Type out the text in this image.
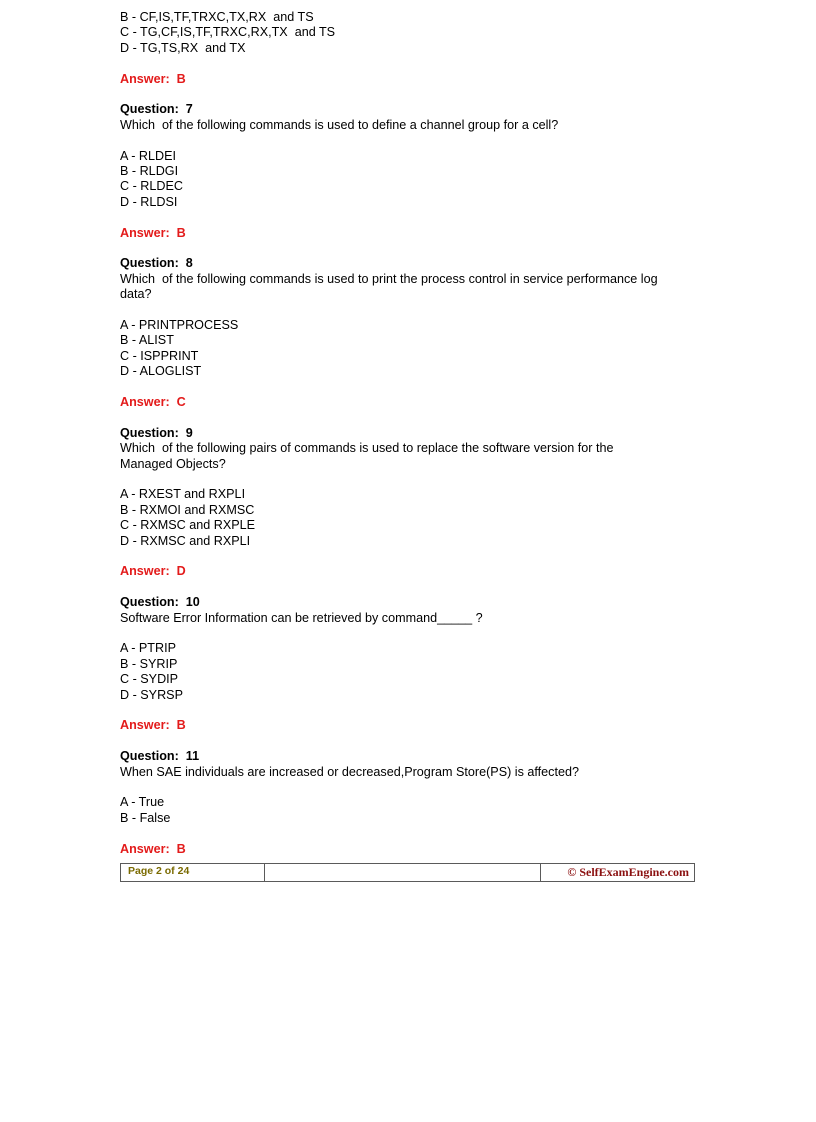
B - CF,IS,TF,TRXC,TX,RX  and TS
C - TG,CF,IS,TF,TRXC,RX,TX  and TS
D - TG,TS,RX  and TX
Answer:  B
Question:  7
Which  of the following commands is used to define a channel group for a cell?
A - RLDEI
B - RLDGI
C - RLDEC
D - RLDSI
Answer:  B
Question:  8
Which  of the following commands is used to print the process control in service performance log
data?
A - PRINTPROCESS
B - ALIST
C - ISPPRINT
D - ALOGLIST
Answer:  C
Question:  9
Which  of the following pairs of commands is used to replace the software version for the
Managed Objects?
A - RXEST and RXPLI
B - RXMOI and RXMSC
C - RXMSC and RXPLE
D - RXMSC and RXPLI
Answer:  D
Question:  10
Software Error Information can be retrieved by command_____ ?
A - PTRIP
B - SYRIP
C - SYDIP
D - SYRSP
Answer:  B
Question:  11
When SAE individuals are increased or decreased,Program Store(PS) is affected?
A - True
B - False
Answer:  B
Page 2 of 24	© SelfExamEngine.com
